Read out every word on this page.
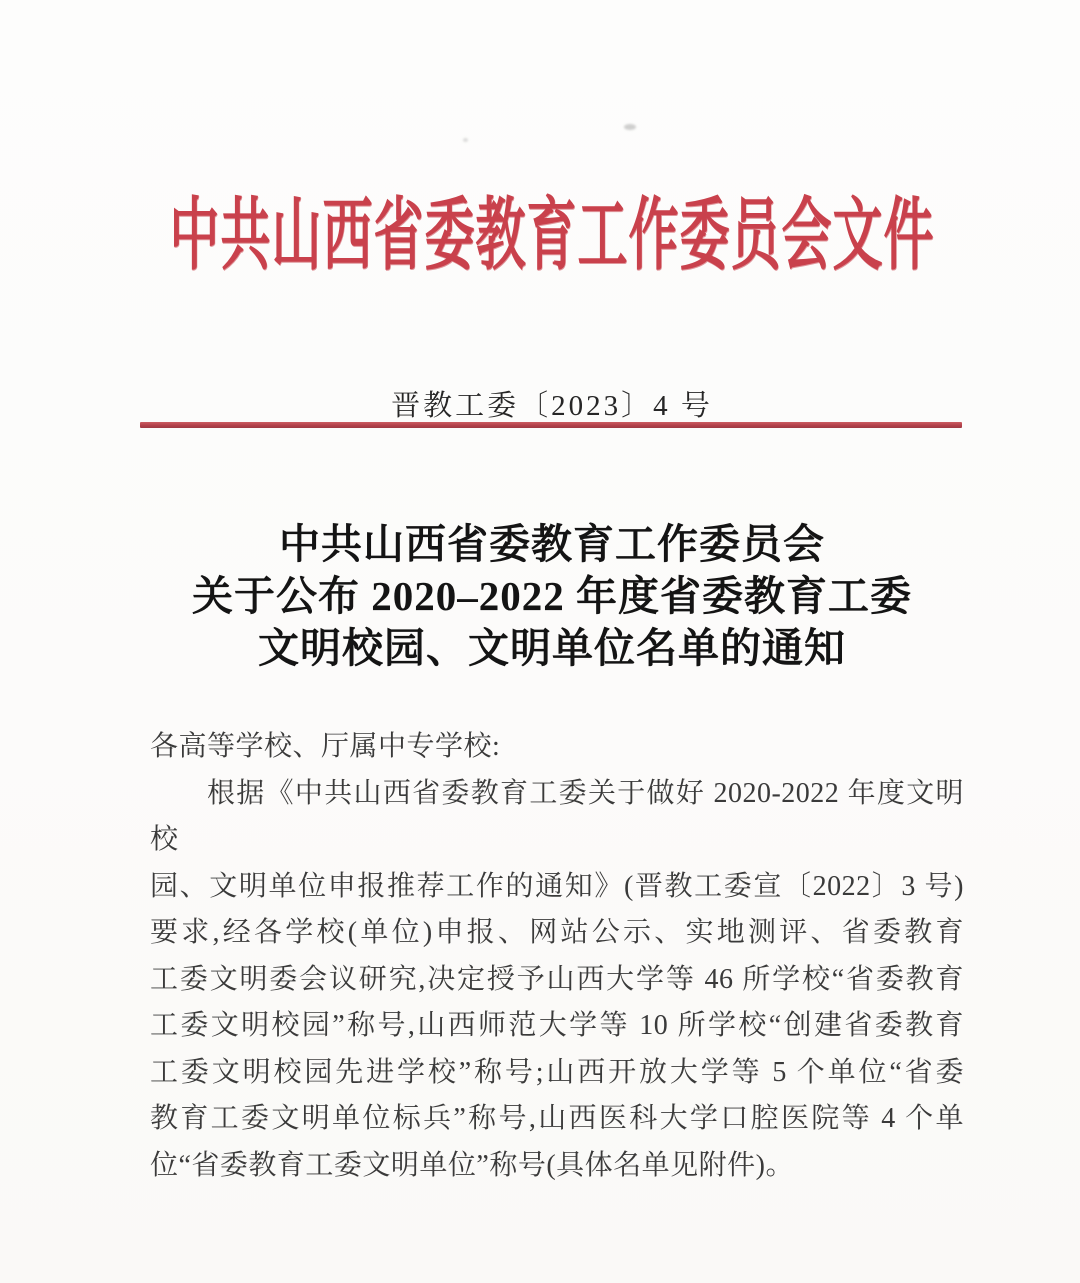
中共山西省委教育工作委员会文件
晋教工委〔2023〕4 号
中共山西省委教育工作委员会
关于公布 2020–2022 年度省委教育工委
文明校园、文明单位名单的通知
各高等学校、厅属中专学校:
根据《中共山西省委教育工委关于做好 2020-2022 年度文明校
园、文明单位申报推荐工作的通知》(晋教工委宣〔2022〕3 号)
要求,经各学校(单位)申报、网站公示、实地测评、省委教育
工委文明委会议研究,决定授予山西大学等 46 所学校“省委教育
工委文明校园”称号,山西师范大学等 10 所学校“创建省委教育
工委文明校园先进学校”称号;山西开放大学等 5 个单位“省委
教育工委文明单位标兵”称号,山西医科大学口腔医院等 4 个单
位“省委教育工委文明单位”称号(具体名单见附件)。
